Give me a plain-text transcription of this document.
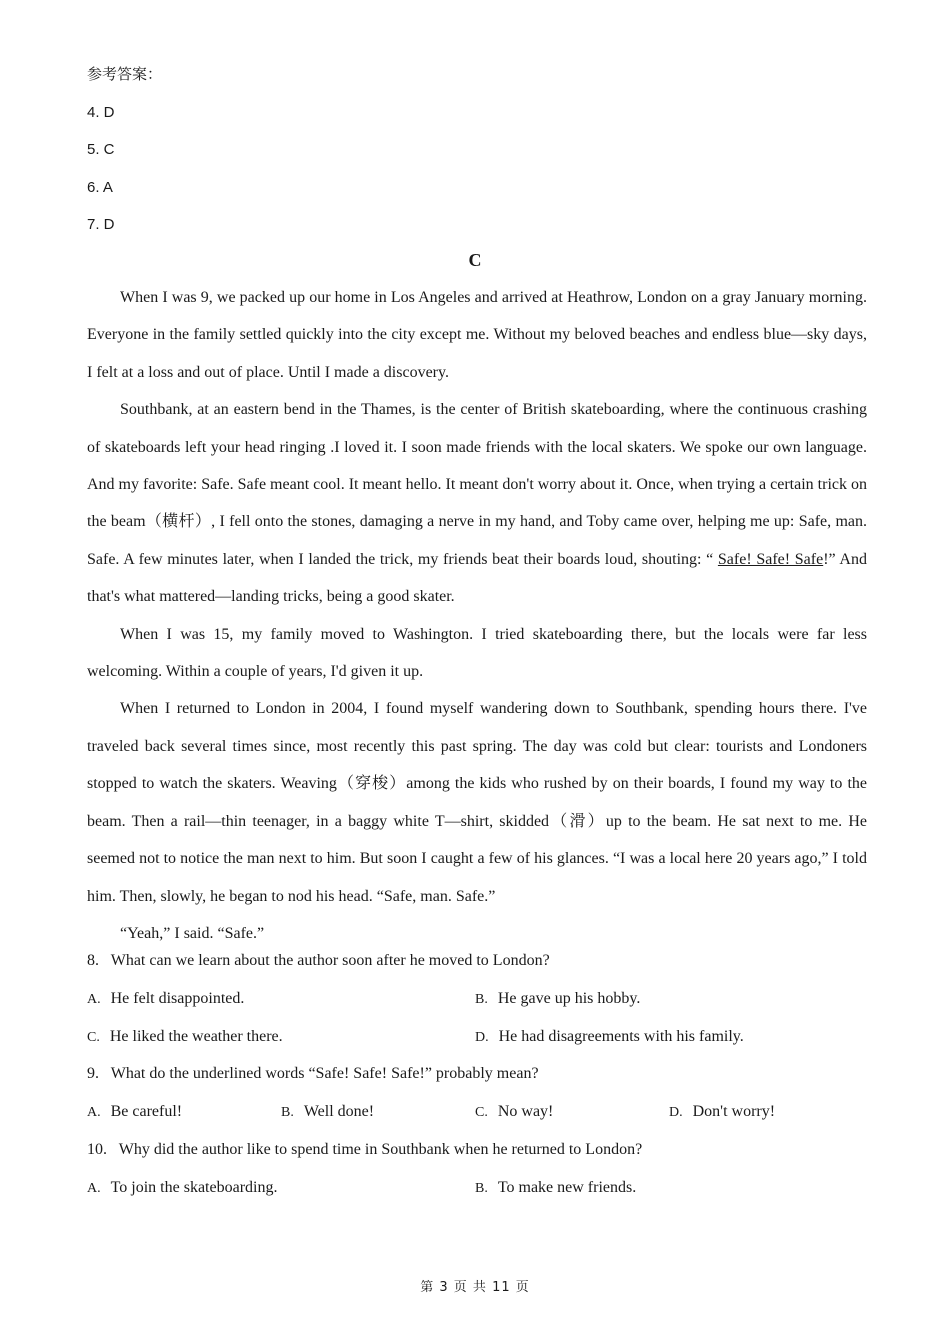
参考答案：
4. D
5. C
6. A
7. D
C

When I was 9, we packed up our home in Los Angeles and arrived at Heathrow, London on a gray January morning. Everyone in the family settled quickly into the city except me. Without my beloved beaches and endless blue—sky days, I felt at a loss and out of place. Until I made a discovery.

Southbank, at an eastern bend in the Thames, is the center of British skateboarding, where the continuous crashing of skateboards left your head ringing .I loved it. I soon made friends with the local skaters. We spoke our own language. And my favorite: Safe. Safe meant cool. It meant hello. It meant don't worry about it. Once, when trying a certain trick on the beam（横杆）, I fell onto the stones, damaging a nerve in my hand, and Toby came over, helping me up: Safe, man. Safe. A few minutes later, when I landed the trick, my friends beat their boards loud, shouting: “ Safe! Safe! Safe!” And that's what mattered—landing tricks, being a good skater.

When I was 15, my family moved to Washington. I tried skateboarding there, but the locals were far less welcoming. Within a couple of years, I'd given it up.

When I returned to London in 2004, I found myself wandering down to Southbank, spending hours there. I've traveled back several times since, most recently this past spring. The day was cold but clear: tourists and Londoners stopped to watch the skaters. Weaving（穿梭）among the kids who rushed by on their boards, I found my way to the beam. Then a rail—thin teenager, in a baggy white T—shirt, skidded（滑）up to the beam. He sat next to me. He seemed not to notice the man next to him. But soon I caught a few of his glances. “I was a local here 20 years ago,” I told him. Then, slowly, he began to nod his head. “Safe, man. Safe.”

“Yeah,” I said. “Safe.”

8. What can we learn about the author soon after he moved to London?
A. He felt disappointed.	B. He gave up his hobby.
C. He liked the weather there.	D. He had disagreements with his family.
9. What do the underlined words “Safe! Safe! Safe!” probably mean?
A. Be careful!	B. Well done!	C. No way!	D. Don't worry!
10. Why did the author like to spend time in Southbank when he returned to London?
A. To join the skateboarding.	B. To make new friends.
第 3 页 共 11 页
